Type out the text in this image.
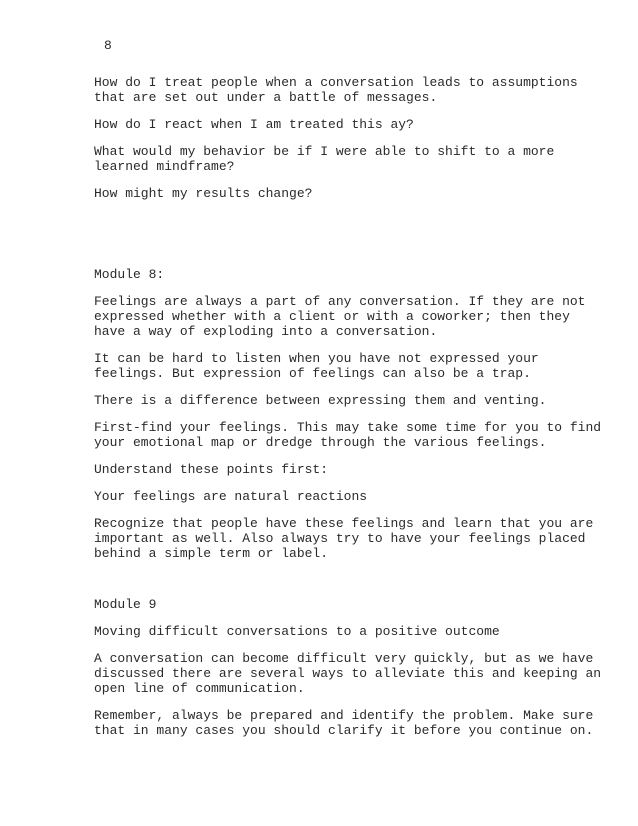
8

How do I treat people when a conversation leads to assumptions
that are set out under a battle of messages.

How do I react when I am treated this ay?

What would my behavior be if I were able to shift to a more
learned mindframe?

How might my results change?

Module 8:

Feelings are always a part of any conversation. If they are not
expressed whether with a client or with a coworker; then they
have a way of exploding into a conversation.

It can be hard to listen when you have not expressed your
feelings. But expression of feelings can also be a trap.

There is a difference between expressing them and venting.

First-find your feelings. This may take some time for you to find
your emotional map or dredge through the various feelings.

Understand these points first:

Your feelings are natural reactions

Recognize that people have these feelings and learn that you are
important as well. Also always try to have your feelings placed
behind a simple term or label.

Module 9

Moving difficult conversations to a positive outcome

A conversation can become difficult very quickly, but as we have
discussed there are several ways to alleviate this and keeping an
open line of communication.

Remember, always be prepared and identify the problem. Make sure
that in many cases you should clarify it before you continue on.
